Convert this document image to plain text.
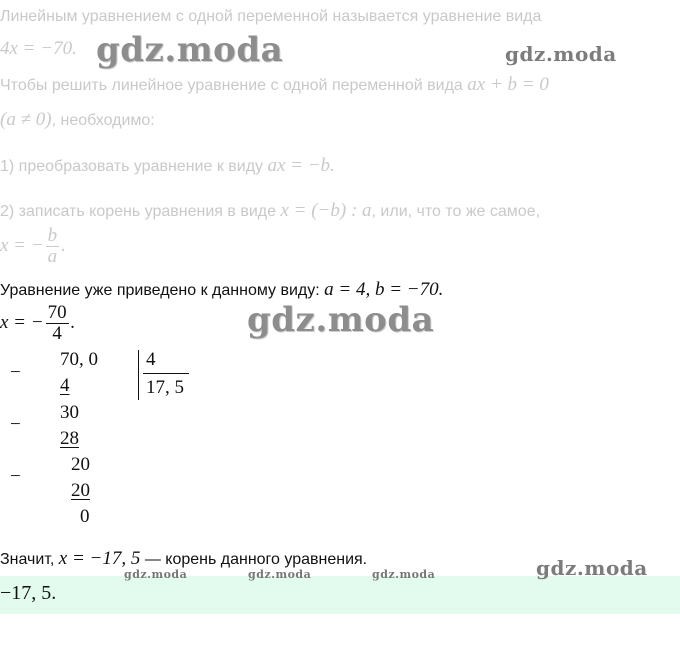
Линейным уравнением с одной переменной называется уравнение вида
4x = −70.
Чтобы решить линейное уравнение с одной переменной вида ax + b = 0
(a ≠ 0), необходимо:
1) преобразовать уравнение к виду ax = −b.
2) записать корень уравнения в виде x = (−b) : a, или, что то же самое,
x = − $\frac{b}{a}$ .
Уравнение уже приведено к данному виду: a = 4, b = −70.
x = − $\frac{70}{4}$ .
−
70, 0
4
4
17, 5
−
30
28
−
20
20
0
Значит, x = −17, 5 — корень данного уравнения.
−17, 5.
gdz.moda	gdz.moda
gdz.moda
gdz.moda
gdz.moda	gdz.moda	gdz.moda
